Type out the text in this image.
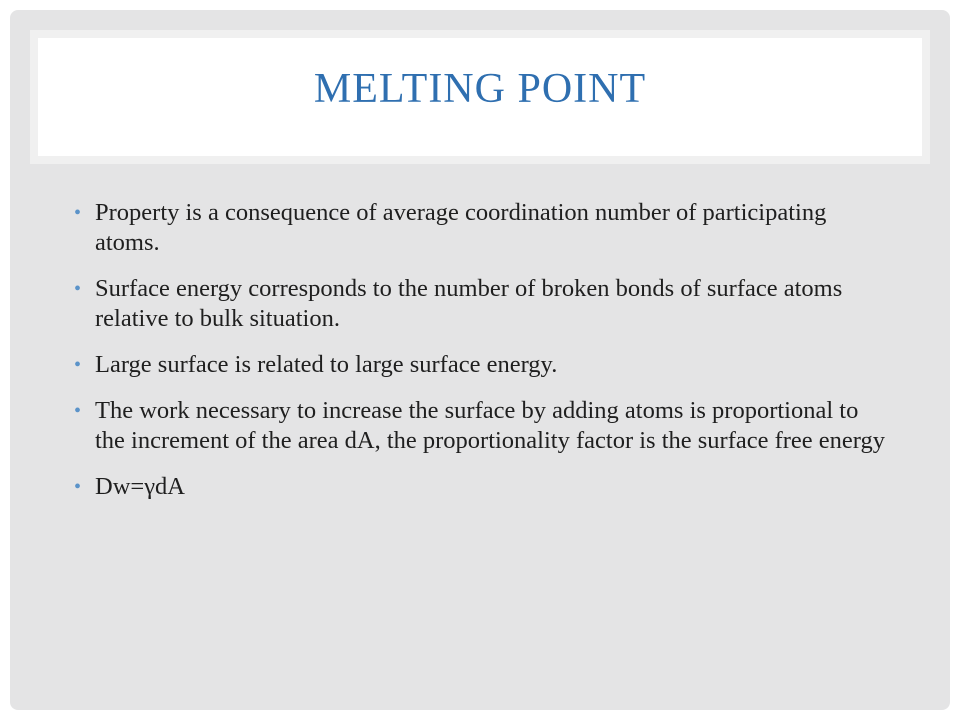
MELTING POINT
• Property is a consequence of average coordination number of participating atoms.
• Surface energy corresponds to the number of broken bonds of surface atoms relative to bulk situation.
• Large surface is related to large surface energy.
• The work necessary to increase the surface by adding atoms is proportional to the increment of the area dA, the proportionality factor is the surface free energy
• Dw=γdA
